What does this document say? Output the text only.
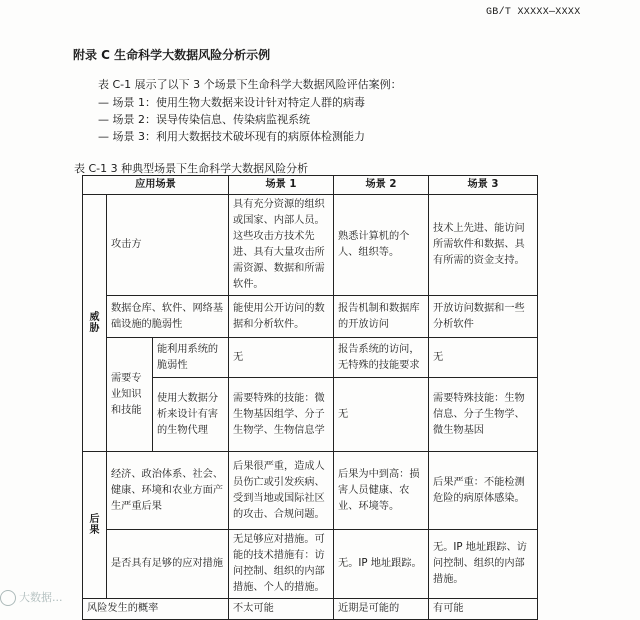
GB/T XXXXX—XXXX
附录 C 生命科学大数据风险分析示例
表 C-1 展示了以下 3 个场景下生命科学大数据风险评估案例：
— 场景 1：使用生物大数据来设计针对特定人群的病毒
— 场景 2：误导传染信息、传染病监视系统
— 场景 3：利用大数据技术破坏现有的病原体检测能力
表 C-1 3 种典型场景下生命科学大数据风险分析
应用场景			场景 1	场景 2	场景 3
威胁	攻击方		具有充分资源的组织或国家、内部人员。这些攻击方技术先进、具有大量攻击所需资源、数据和所需软件。	熟悉计算机的个人、组织等。	技术上先进、能访问所需软件和数据、具有所需的资金支持。
	数据仓库、软件、网络基础设施的脆弱性		能使用公开访问的数据和分析软件。	报告机制和数据库的开放访问	开放访问数据和一些分析软件
	需要专业知识和技能	能利用系统的脆弱性	无	报告系统的访问，无特殊的技能要求	无
		使用大数据分析来设计有害的生物代理	需要特殊的技能：微生物基因组学、分子生物学、生物信息学	无	需要特殊技能：生物信息、分子生物学、微生物基因
后果	经济、政治体系、社会、健康、环境和农业方面产生严重后果		后果很严重，造成人员伤亡或引发疾病、受到当地或国际社区的攻击、合规问题。	后果为中到高：损害人员健康、农业、环境等。	后果严重：不能检测危险的病原体感染。
	是否具有足够的应对措施		无足够应对措施。可能的技术措施有：访问控制、组织的内部措施、个人的措施。	无。IP 地址跟踪。	无。IP 地址跟踪、访问控制、组织的内部措施。
风险发生的概率			不太可能	近期是可能的	有可能
大数据...
